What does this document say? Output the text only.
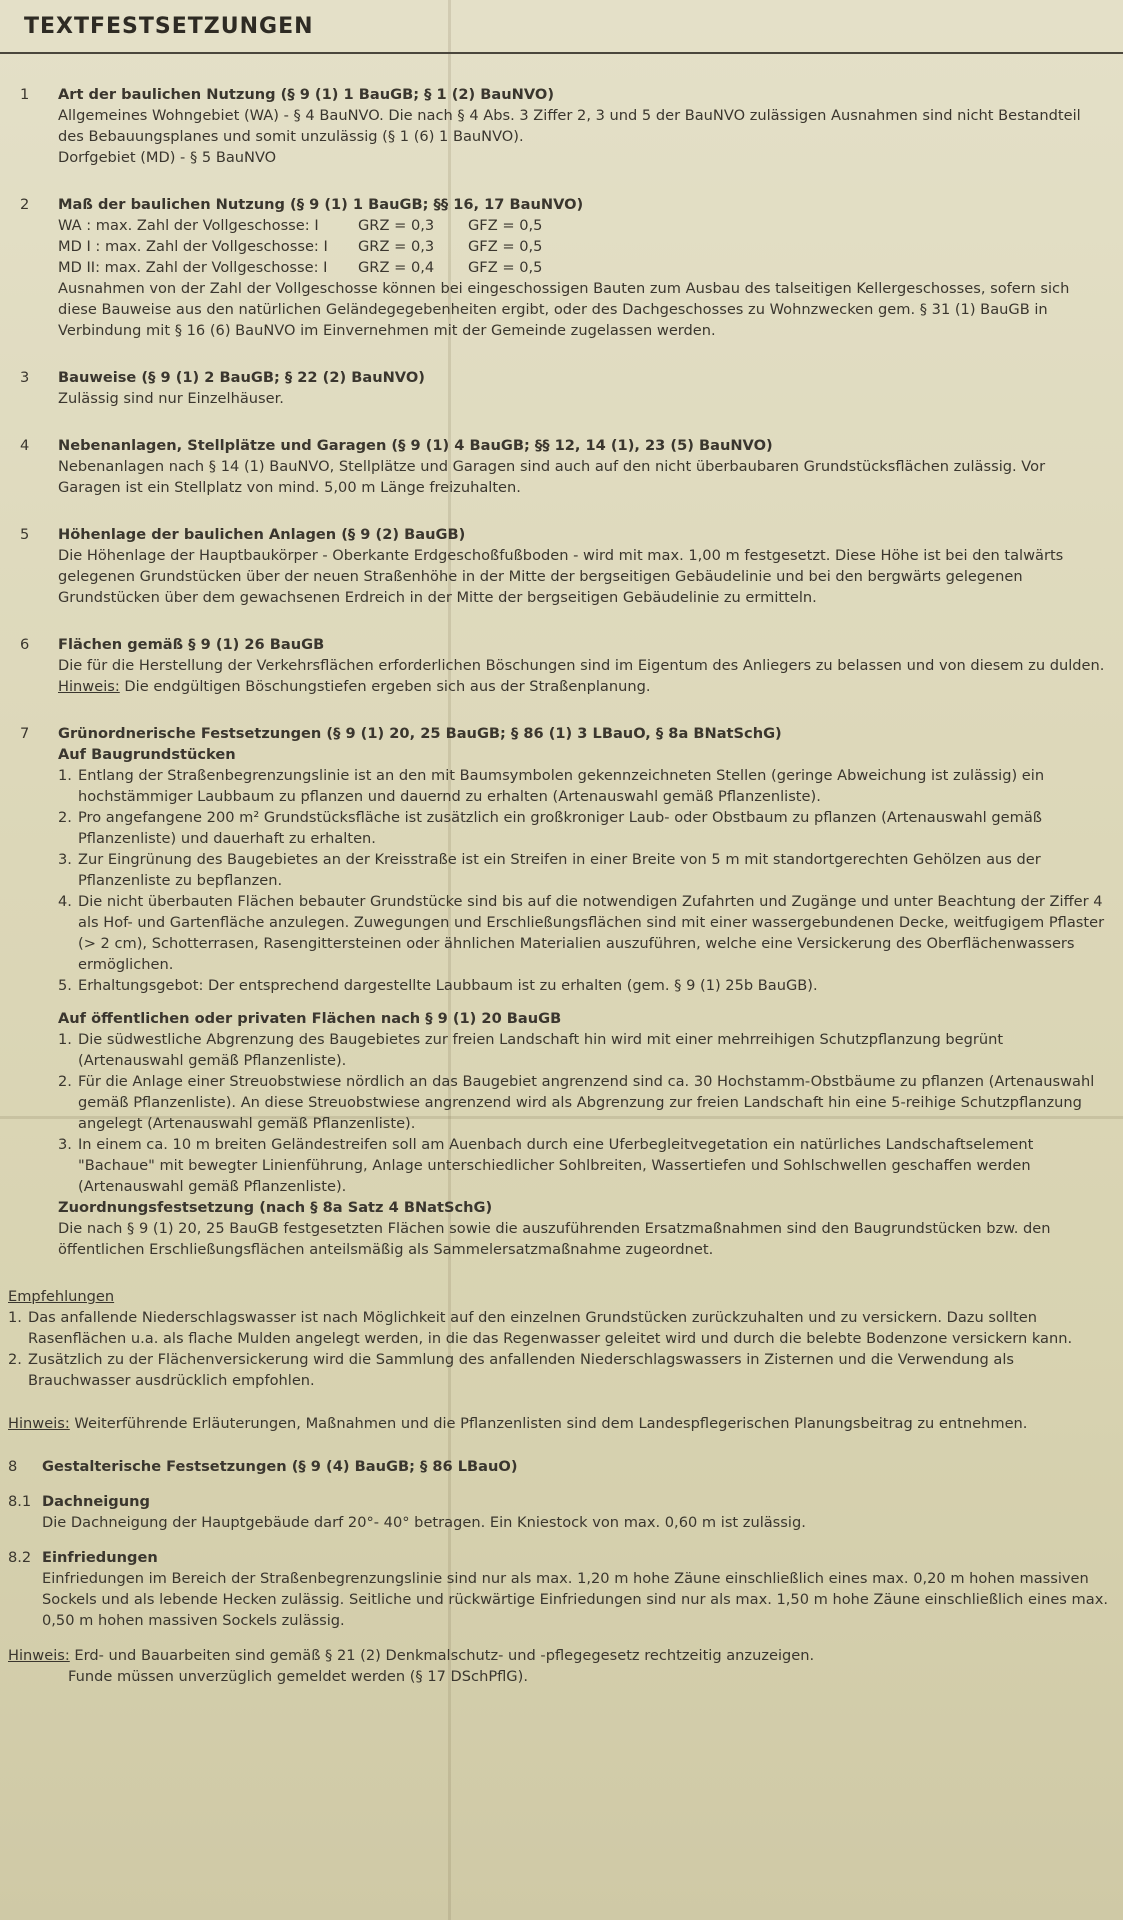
TEXTFESTSETZUNGEN
1 Art der baulichen Nutzung (§ 9 (1) 1 BauGB; § 1 (2) BauNVO)

Allgemeines Wohngebiet (WA) - § 4 BauNVO. Die nach § 4 Abs. 3 Ziffer 2, 3 und 5 der BauNVO zulässigen Ausnahmen sind nicht Bestandteil des Bebauungsplanes und somit unzulässig (§ 1 (6) 1 BauNVO).

Dorfgebiet (MD) - § 5 BauNVO

2 Maß der baulichen Nutzung (§ 9 (1) 1 BauGB; §§ 16, 17 BauNVO)

WA : max. Zahl der Vollgeschosse: I	GRZ = 0,3	GFZ = 0,5
MD I : max. Zahl der Vollgeschosse: I	GRZ = 0,3	GFZ = 0,5
MD II: max. Zahl der Vollgeschosse: I	GRZ = 0,4	GFZ = 0,5

Ausnahmen von der Zahl der Vollgeschosse können bei eingeschossigen Bauten zum Ausbau des talseitigen Kellergeschosses, sofern sich diese Bauweise aus den natürlichen Geländegegebenheiten ergibt, oder des Dachgeschosses zu Wohnzwecken gem. § 31 (1) BauGB in Verbindung mit § 16 (6) BauNVO im Einvernehmen mit der Gemeinde zugelassen werden.

3 Bauweise (§ 9 (1) 2 BauGB; § 22 (2) BauNVO)

Zulässig sind nur Einzelhäuser.

4 Nebenanlagen, Stellplätze und Garagen (§ 9 (1) 4 BauGB; §§ 12, 14 (1), 23 (5) BauNVO)

Nebenanlagen nach § 14 (1) BauNVO, Stellplätze und Garagen sind auch auf den nicht überbaubaren Grundstücksflächen zulässig. Vor Garagen ist ein Stellplatz von mind. 5,00 m Länge freizuhalten.

5 Höhenlage der baulichen Anlagen (§ 9 (2) BauGB)

Die Höhenlage der Hauptbaukörper - Oberkante Erdgeschoßfußboden - wird mit max. 1,00 m festgesetzt. Diese Höhe ist bei den talwärts gelegenen Grundstücken über der neuen Straßenhöhe in der Mitte der bergseitigen Gebäudelinie und bei den bergwärts gelegenen Grundstücken über dem gewachsenen Erdreich in der Mitte der bergseitigen Gebäudelinie zu ermitteln.

6 Flächen gemäß § 9 (1) 26 BauGB

Die für die Herstellung der Verkehrsflächen erforderlichen Böschungen sind im Eigentum des Anliegers zu belassen und von diesem zu dulden.

Hinweis: Die endgültigen Böschungstiefen ergeben sich aus der Straßenplanung.

7 Grünordnerische Festsetzungen (§ 9 (1) 20, 25 BauGB; § 86 (1) 3 LBauO, § 8a BNatSchG)

Auf Baugrundstücken

1. Entlang der Straßenbegrenzungslinie ist an den mit Baumsymbolen gekennzeichneten Stellen (geringe Abweichung ist zulässig) ein hochstämmiger Laubbaum zu pflanzen und dauernd zu erhalten (Artenauswahl gemäß Pflanzenliste).
2. Pro angefangene 200 m² Grundstücksfläche ist zusätzlich ein großkroniger Laub- oder Obstbaum zu pflanzen (Artenauswahl gemäß Pflanzenliste) und dauerhaft zu erhalten.
3. Zur Eingrünung des Baugebietes an der Kreisstraße ist ein Streifen in einer Breite von 5 m mit standortgerechten Gehölzen aus der Pflanzenliste zu bepflanzen.
4. Die nicht überbauten Flächen bebauter Grundstücke sind bis auf die notwendigen Zufahrten und Zugänge und unter Beachtung der Ziffer 4 als Hof- und Gartenfläche anzulegen. Zuwegungen und Erschließungsflächen sind mit einer wassergebundenen Decke, weitfugigem Pflaster (> 2 cm), Schotterrasen, Rasengittersteinen oder ähnlichen Materialien auszuführen, welche eine Versickerung des Oberflächenwassers ermöglichen.
5. Erhaltungsgebot: Der entsprechend dargestellte Laubbaum ist zu erhalten (gem. § 9 (1) 25b BauGB).

Auf öffentlichen oder privaten Flächen nach § 9 (1) 20 BauGB

1. Die südwestliche Abgrenzung des Baugebietes zur freien Landschaft hin wird mit einer mehrreihigen Schutzpflanzung begrünt (Artenauswahl gemäß Pflanzenliste).
2. Für die Anlage einer Streuobstwiese nördlich an das Baugebiet angrenzend sind ca. 30 Hochstamm-Obstbäume zu pflanzen (Artenauswahl gemäß Pflanzenliste). An diese Streuobstwiese angrenzend wird als Abgrenzung zur freien Landschaft hin eine 5-reihige Schutzpflanzung angelegt (Artenauswahl gemäß Pflanzenliste).
3. In einem ca. 10 m breiten Geländestreifen soll am Auenbach durch eine Uferbegleitvegetation ein natürliches Landschaftselement "Bachaue" mit bewegter Linienführung, Anlage unterschiedlicher Sohlbreiten, Wassertiefen und Sohlschwellen geschaffen werden (Artenauswahl gemäß Pflanzenliste).

Zuordnungsfestsetzung (nach § 8a Satz 4 BNatSchG)

Die nach § 9 (1) 20, 25 BauGB festgesetzten Flächen sowie die auszuführenden Ersatzmaßnahmen sind den Baugrundstücken bzw. den öffentlichen Erschließungsflächen anteilsmäßig als Sammelersatzmaßnahme zugeordnet.

Empfehlungen

1. Das anfallende Niederschlagswasser ist nach Möglichkeit auf den einzelnen Grundstücken zurückzuhalten und zu versickern. Dazu sollten Rasenflächen u.a. als flache Mulden angelegt werden, in die das Regenwasser geleitet wird und durch die belebte Bodenzone versickern kann.
2. Zusätzlich zu der Flächenversickerung wird die Sammlung des anfallenden Niederschlagswassers in Zisternen und die Verwendung als Brauchwasser ausdrücklich empfohlen.

Hinweis: Weiterführende Erläuterungen, Maßnahmen und die Pflanzenlisten sind dem Landespflegerischen Planungsbeitrag zu entnehmen.

8 Gestalterische Festsetzungen (§ 9 (4) BauGB; § 86 LBauO)

8.1 Dachneigung

Die Dachneigung der Hauptgebäude darf 20°- 40° betragen. Ein Kniestock von max. 0,60 m ist zulässig.

8.2 Einfriedungen

Einfriedungen im Bereich der Straßenbegrenzungslinie sind nur als max. 1,20 m hohe Zäune einschließlich eines max. 0,20 m hohen massiven Sockels und als lebende Hecken zulässig. Seitliche und rückwärtige Einfriedungen sind nur als max. 1,50 m hohe Zäune einschließlich eines max. 0,50 m hohen massiven Sockels zulässig.

Hinweis: Erd- und Bauarbeiten sind gemäß § 21 (2) Denkmalschutz- und -pflegegesetz rechtzeitig anzuzeigen.

Funde müssen unverzüglich gemeldet werden (§ 17 DSchPflG).
